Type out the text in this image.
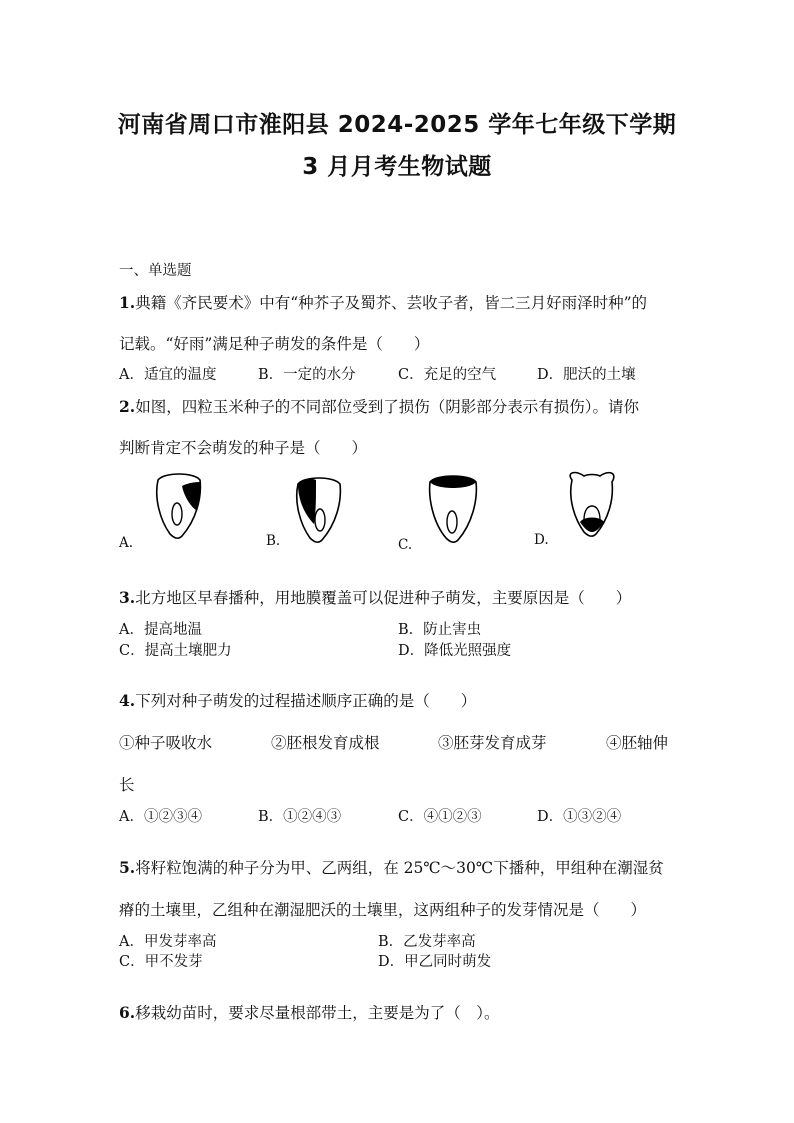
河南省周口市淮阳县 2024-2025 学年七年级下学期
3 月月考生物试题
一、单选题
1.典籍《齐民要术》中有“种芥子及蜀芥、芸收子者，皆二三月好雨泽时种”的
记载。“好雨”满足种子萌发的条件是（　　）
A．适宜的温度	B．一定的水分	C．充足的空气	D．肥沃的土壤
2.如图，四粒玉米种子的不同部位受到了损伤（阴影部分表示有损伤）。请你
判断肯定不会萌发的种子是（　　）
A.	B.	C.	D.
3.北方地区早春播种，用地膜覆盖可以促进种子萌发，主要原因是（　　）
A．提高地温	B．防止害虫
C．提高土壤肥力	D．降低光照强度
4.下列对种子萌发的过程描述顺序正确的是（　　）
①种子吸收水	②胚根发育成根	③胚芽发育成芽	④胚轴伸
长
A．①②③④	B．①②④③	C．④①②③	D．①③②④
5.将籽粒饱满的种子分为甲、乙两组，在 25℃～30℃下播种，甲组种在潮湿贫
瘠的土壤里，乙组种在潮湿肥沃的土壤里，这两组种子的发芽情况是（　　）
A．甲发芽率高	B．乙发芽率高
C．甲不发芽	D．甲乙同时萌发
6.移栽幼苗时，要求尽量根部带土，主要是为了（　）。
